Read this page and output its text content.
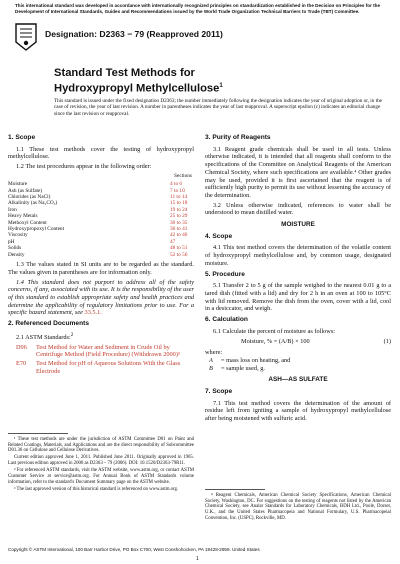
This international standard was developed in accordance with internationally recognized principles on standardization established in the Decision on Principles for the Development of International Standards, Guides and Recommendations issued by the World Trade Organization Technical Barriers to Trade (TBT) Committee.
Designation: D2363 − 79 (Reapproved 2011)
Standard Test Methods for
Hydroxypropyl Methylcellulose$^1$
This standard is issued under the fixed designation D2363; the number immediately following the designation indicates the year of original adoption or, in the case of revision, the year of last revision. A number in parentheses indicates the year of last reapproval. A superscript epsilon (ε) indicates an editorial change since the last revision or reapproval.
1. Scope

1.1 These test methods cover the testing of hydroxypropyl methylcellulose.

1.2 The test procedures appear in the following order:

Sections
Moisture	4 to 6
Ash (as Sulfate)	7 to 10
Chlorides (as NaCl)	11 to 14
Alkalinity (as Na₂CO₃)	15 to 18
Iron	19 to 24
Heavy Metals	25 to 29
Methoxyl Content	30 to 35
Hydroxypropoxyl Content	36 to 41
Viscosity	42 to 46
pH	47
Solids	48 to 51
Density	52 to 56

1.3 The values stated in SI units are to be regarded as the standard. The values given in parentheses are for information only.

1.4 This standard does not purport to address all of the safety concerns, if any, associated with its use. It is the responsibility of the user of this standard to establish appropriate safety and health practices and determine the applicability of regulatory limitations prior to use. For a specific hazard statement, see 33.5.1.

2. Referenced Documents

2.1 ASTM Standards:$^2$

D96	Test Method for Water and Sediment in Crude Oil by Centrifuge Method (Field Procedure) (Withdrawn 2000)³
E70	Test Method for pH of Aqueous Solutions With the Glass Electrode
¹ These test methods are under the jurisdiction of ASTM Committee D01 on Paint and Related Coatings, Materials, and Applications and are the direct responsibility of Subcommittee D01.36 on Cellulose and Cellulose Derivatives.
Current edition approved June 1, 2011. Published June 2011. Originally approved in 1965. Last previous edition approved in 2006 as D2363 – 79 (2006). DOI: 10.1520/D2363-79R11.
² For referenced ASTM standards, visit the ASTM website, www.astm.org, or contact ASTM Customer Service at service@astm.org. For Annual Book of ASTM Standards volume information, refer to the standard's Document Summary page on the ASTM website.
³ The last approved version of this historical standard is referenced on www.astm.org.
3. Purity of Reagents

3.1 Reagent grade chemicals shall be used in all tests. Unless otherwise indicated, it is intended that all reagents shall conform to the specifications of the Committee on Analytical Reagents of the American Chemical Society, where such specifications are available.⁴ Other grades may be used, provided it is first ascertained that the reagent is of sufficiently high purity to permit its use without lessening the accuracy of the determination.

3.2 Unless otherwise indicated, references to water shall be understood to mean distilled water.

MOISTURE
4. Scope

4.1 This test method covers the determination of the volatile content of hydroxypropyl methylcellulose and, by common usage, designated moisture.

5. Procedure

5.1 Transfer 2 to 5 g of the sample weighed to the nearest 0.01 g to a tared dish (fitted with a lid) and dry for 2 h in an oven at 100 to 105°C with lid removed. Remove the dish from the oven, cover with a lid, cool in a desiccator, and weigh.

6. Calculation

6.1 Calculate the percent of moisture as follows:

Moisture, % = (A/B) × 100	(1)
where:
A	= mass loss on heating, and
B	= sample used, g.
ASH—AS SULFATE
7. Scope

7.1 This test method covers the determination of the amount of residue left from igniting a sample of hydroxypropyl methylcellulose after being moistened with sulfuric acid.

⁴ Reagent Chemicals, American Chemical Society Specifications, American Chemical Society, Washington, DC. For suggestions on the testing of reagents not listed by the American Chemical Society, see Analar Standards for Laboratory Chemicals, BDH Ltd., Poole, Dorset, U.K., and the United States Pharmacopeia and National Formulary, U.S. Pharmacopeial Convention, Inc. (USPC), Rockville, MD.
Copyright © ASTM International, 100 Barr Harbor Drive, PO Box C700, West Conshohocken, PA 19428-2959. United States
1
